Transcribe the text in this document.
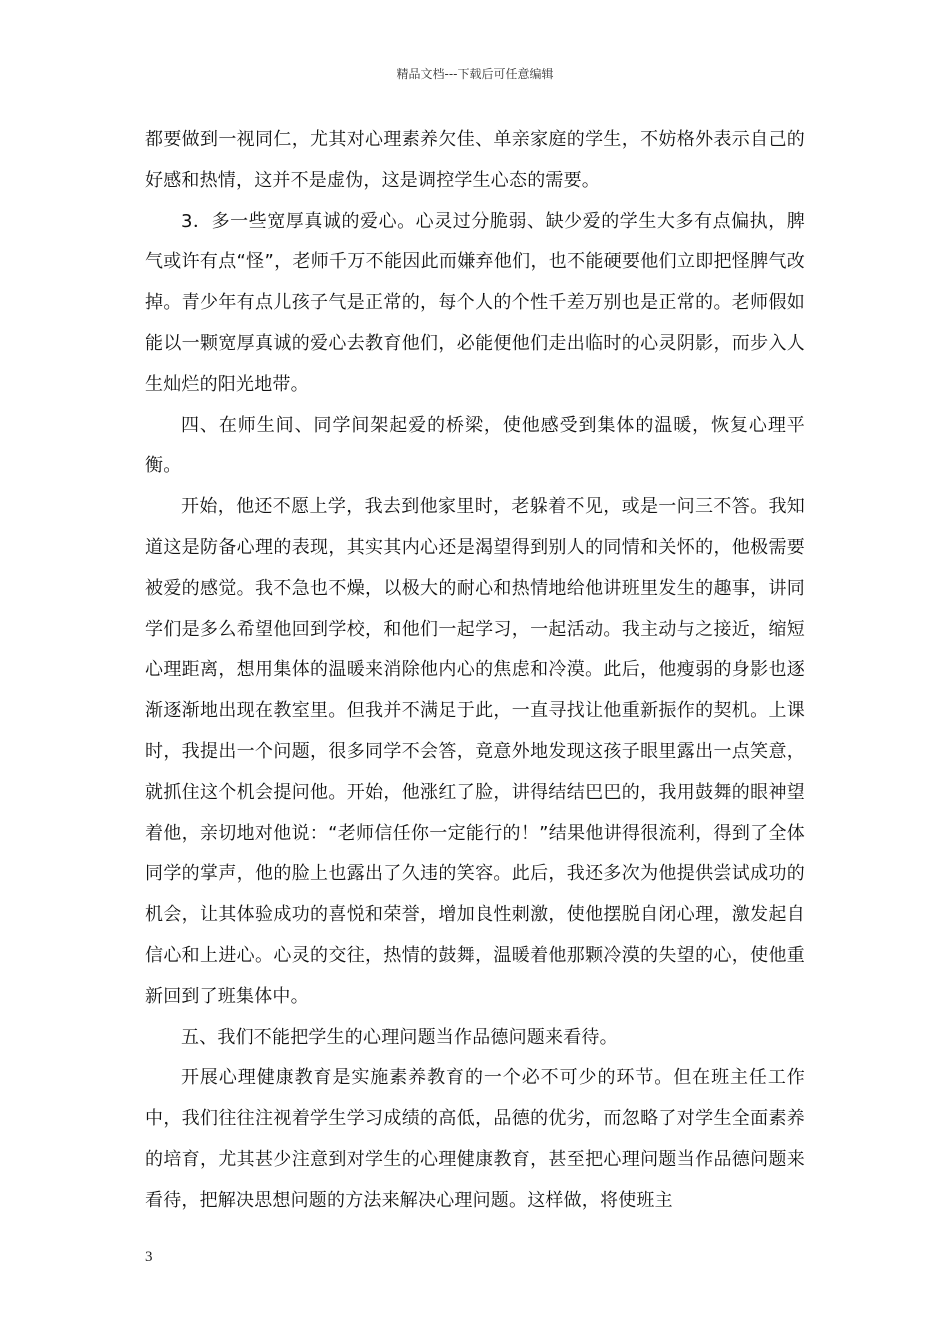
精品文档---下载后可任意编辑

都要做到一视同仁，尤其对心理素养欠佳、单亲家庭的学生，不妨格外表示自己的好感和热情，这并不是虚伪，这是调控学生心态的需要。

3．多一些宽厚真诚的爱心。心灵过分脆弱、缺少爱的学生大多有点偏执，脾气或许有点“怪”，老师千万不能因此而嫌弃他们，也不能硬要他们立即把怪脾气改掉。青少年有点儿孩子气是正常的，每个人的个性千差万别也是正常的。老师假如能以一颗宽厚真诚的爱心去教育他们，必能便他们走出临时的心灵阴影，而步入人生灿烂的阳光地带。

四、在师生间、同学间架起爱的桥梁，使他感受到集体的温暖，恢复心理平衡。

开始，他还不愿上学，我去到他家里时，老躲着不见，或是一问三不答。我知道这是防备心理的表现，其实其内心还是渴望得到别人的同情和关怀的，他极需要被爱的感觉。我不急也不燥，以极大的耐心和热情地给他讲班里发生的趣事，讲同学们是多么希望他回到学校，和他们一起学习，一起活动。我主动与之接近，缩短心理距离，想用集体的温暖来消除他内心的焦虑和冷漠。此后，他瘦弱的身影也逐渐逐渐地出现在教室里。但我并不满足于此，一直寻找让他重新振作的契机。上课时，我提出一个问题，很多同学不会答，竟意外地发现这孩子眼里露出一点笑意，就抓住这个机会提问他。开始，他涨红了脸，讲得结结巴巴的，我用鼓舞的眼神望着他，亲切地对他说：“老师信任你一定能行的！”结果他讲得很流利，得到了全体同学的掌声，他的脸上也露出了久违的笑容。此后，我还多次为他提供尝试成功的机会，让其体验成功的喜悦和荣誉，增加良性刺激，使他摆脱自闭心理，激发起自信心和上进心。心灵的交往，热情的鼓舞，温暖着他那颗冷漠的失望的心，使他重新回到了班集体中。

五、我们不能把学生的心理问题当作品德问题来看待。

开展心理健康教育是实施素养教育的一个必不可少的环节。但在班主任工作中，我们往往注视着学生学习成绩的高低，品德的优劣，而忽略了对学生全面素养的培育，尤其甚少注意到对学生的心理健康教育，甚至把心理问题当作品德问题来看待，把解决思想问题的方法来解决心理问题。这样做，将使班主

3
